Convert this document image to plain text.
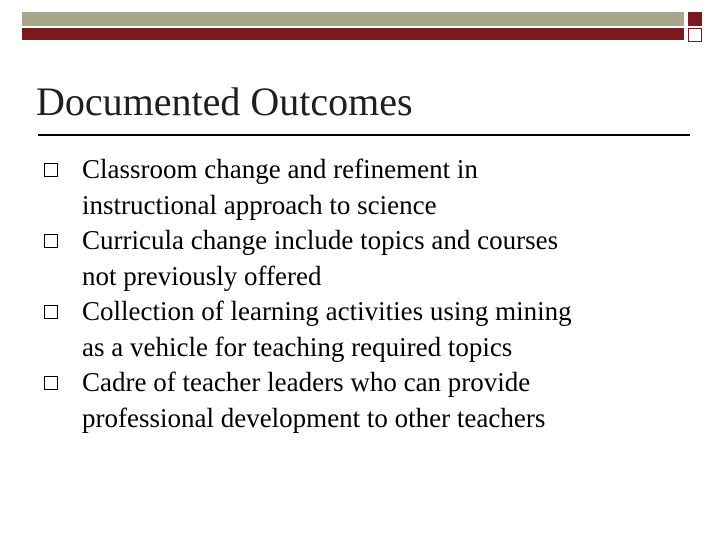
Documented Outcomes
Classroom change and refinement in
instructional approach to science
Curricula change include topics and courses
not previously offered
Collection of learning activities using mining
as a vehicle for teaching required topics
Cadre of teacher leaders who can provide
professional development to other teachers
